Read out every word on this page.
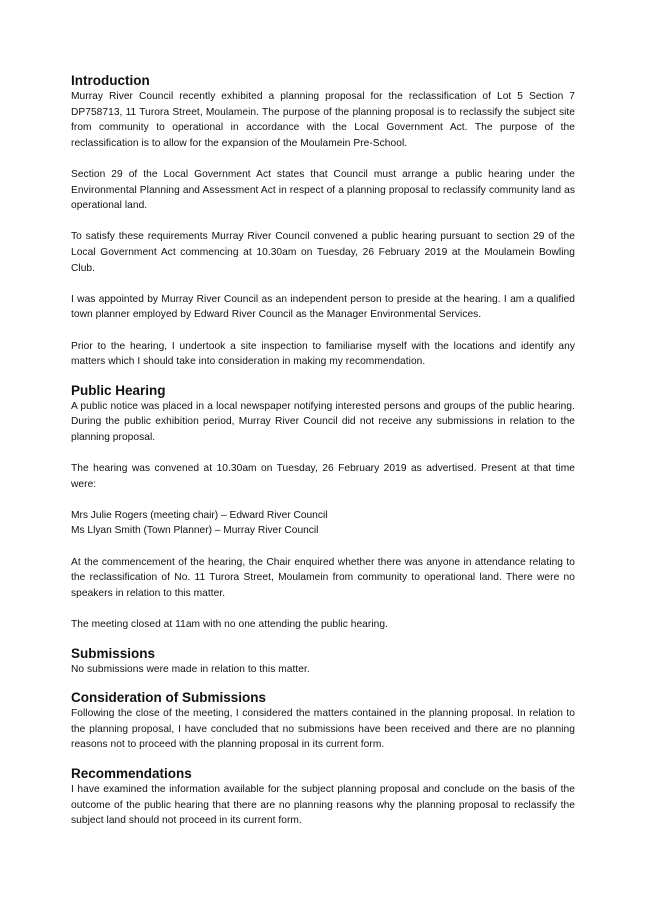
Introduction

Murray River Council recently exhibited a planning proposal for the reclassification of Lot 5 Section 7 DP758713, 11 Turora Street, Moulamein. The purpose of the planning proposal is to reclassify the subject site from community to operational in accordance with the Local Government Act. The purpose of the reclassification is to allow for the expansion of the Moulamein Pre-School.

Section 29 of the Local Government Act states that Council must arrange a public hearing under the Environmental Planning and Assessment Act in respect of a planning proposal to reclassify community land as operational land.

To satisfy these requirements Murray River Council convened a public hearing pursuant to section 29 of the Local Government Act commencing at 10.30am on Tuesday, 26 February 2019 at the Moulamein Bowling Club.

I was appointed by Murray River Council as an independent person to preside at the hearing. I am a qualified town planner employed by Edward River Council as the Manager Environmental Services.

Prior to the hearing, I undertook a site inspection to familiarise myself with the locations and identify any matters which I should take into consideration in making my recommendation.

Public Hearing

A public notice was placed in a local newspaper notifying interested persons and groups of the public hearing. During the public exhibition period, Murray River Council did not receive any submissions in relation to the planning proposal.

The hearing was convened at 10.30am on Tuesday, 26 February 2019 as advertised. Present at that time were:

Mrs Julie Rogers (meeting chair) – Edward River Council
Ms Llyan Smith (Town Planner) – Murray River Council

At the commencement of the hearing, the Chair enquired whether there was anyone in attendance relating to the reclassification of No. 11 Turora Street, Moulamein from community to operational land. There were no speakers in relation to this matter.

The meeting closed at 11am with no one attending the public hearing.

Submissions

No submissions were made in relation to this matter.

Consideration of Submissions

Following the close of the meeting, I considered the matters contained in the planning proposal. In relation to the planning proposal, I have concluded that no submissions have been received and there are no planning reasons not to proceed with the planning proposal in its current form.

Recommendations

I have examined the information available for the subject planning proposal and conclude on the basis of the outcome of the public hearing that there are no planning reasons why the planning proposal to reclassify the subject land should not proceed in its current form.
